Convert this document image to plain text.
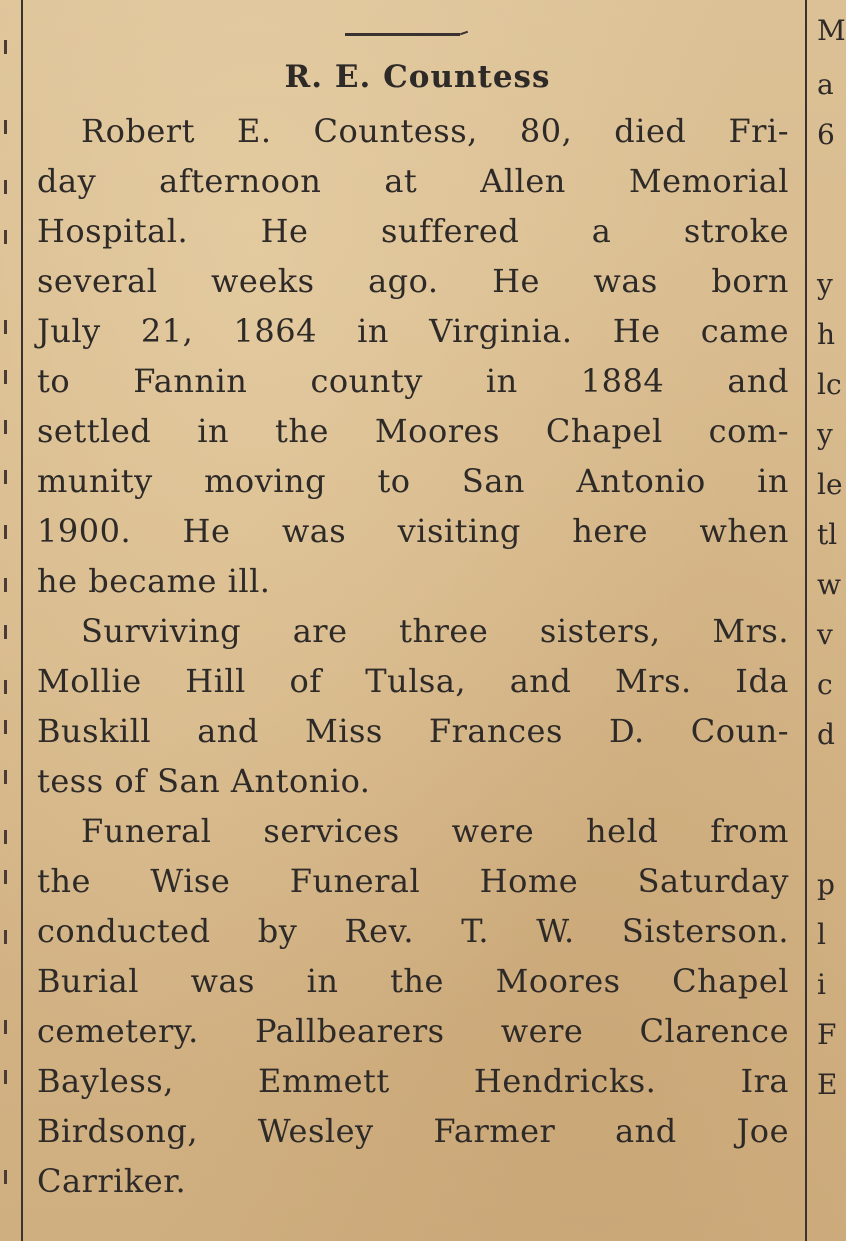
M
a
6
y
h
lc
y
le
tl
w
v
c
d
p
l
i
F
E
R. E. Countess
Robert E. Countess, 80, died Fri-
day afternoon at Allen Memorial
Hospital. He suffered a stroke
several weeks ago. He was born
July 21, 1864 in Virginia. He came
to Fannin county in 1884 and
settled in the Moores Chapel com-
munity moving to San Antonio in
1900. He was visiting here when
he became ill.
Surviving are three sisters, Mrs.
Mollie Hill of Tulsa, and Mrs. Ida
Buskill and Miss Frances D. Coun-
tess of San Antonio.
Funeral services were held from
the Wise Funeral Home Saturday
conducted by Rev. T. W. Sisterson.
Burial was in the Moores Chapel
cemetery. Pallbearers were Clarence
Bayless, Emmett Hendricks. Ira
Birdsong, Wesley Farmer and Joe
Carriker.
